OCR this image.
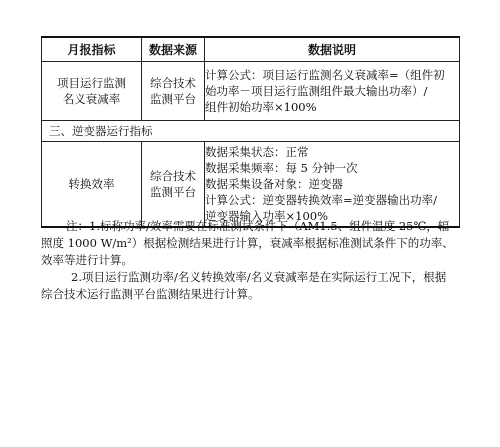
月报指标	数据来源	数据说明

项目运行监测
名义衰减率	综合技术
监测平台	计算公式：项目运行监测名义衰减率=（组件初
始功率－项目运行监测组件最大输出功率）/
组件初始功率×100%

三、逆变器运行指标		
转换效率	综合技术
监测平台	数据采集状态：正常
数据采集频率：每 5 分钟一次
数据采集设备对象：逆变器
计算公式：逆变器转换效率=逆变器输出功率/
逆变器输入功率×100%

注：1.标称功率/效率需要在标准测试条件下（AM1.5、组件温度 25℃，辐

照度 1000 W/m²）根据检测结果进行计算，衰减率根据标准测试条件下的功率、

效率等进行计算。

2.项目运行监测功率/名义转换效率/名义衰减率是在实际运行工况下，根据

综合技术运行监测平台监测结果进行计算。
